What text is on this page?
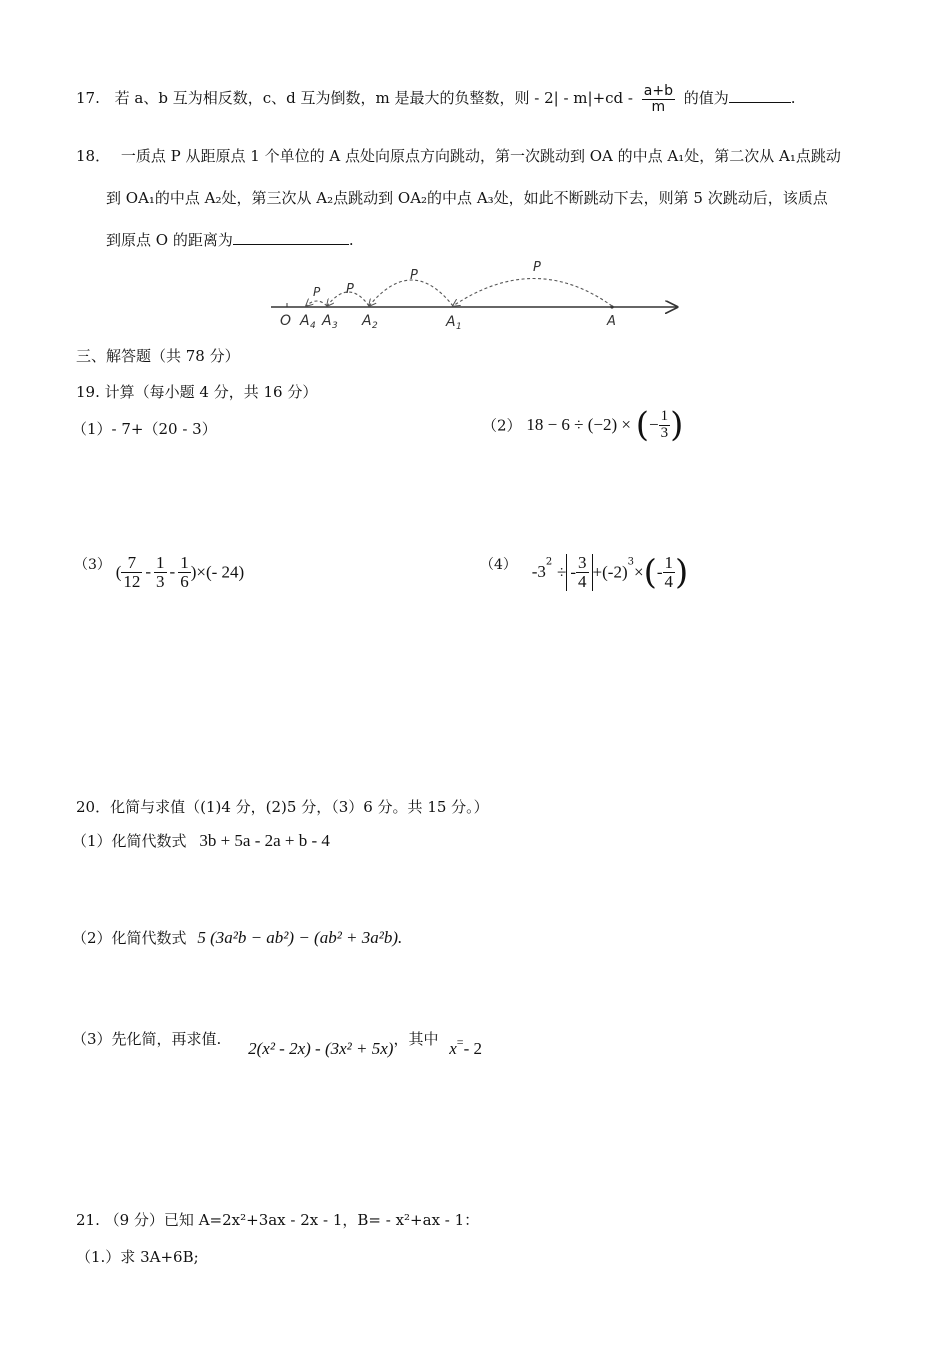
17. 若 a、b 互为相反数，c、d 互为倒数，m 是最大的负整数，则 - $2| - m|+cd - \frac{a+b}{m}$ 的值为	.
18． 一质点 P 从距原点 1 个单位的 A 点处向原点方向跳动，第一次跳动到 OA 的中点 A₁处，第二次从 A₁点跳动
到 OA₁的中点 A₂处，第三次从 A₂点跳动到 OA₂的中点 A₃处，如此不断跳动下去，则第 5 次跳动后，该质点
到原点 O 的距离为	.
P
P
P
P
O A 4 A 3 A 2	A 1	A
三、解答题（共 78 分）
19. 计算（每小题 4 分，共 16 分）
（1）- 7+（20 - 3）	（2） 18 − 6 ÷ (−2) × (− $\frac{1}{3}$ )
（3） ( $\frac{7}{12} - \frac{1}{3} - \frac{1}{6}$ )×(- 24)	（4） $-3^2$ ÷ - $\frac{3}{4} +(-2)^3\times(- \frac{1}{4}$ )
20．化简与求值（(1)4 分，(2)5 分，（3）6 分。共 15 分。）
（1）化简代数式 3b + 5a - 2a + b - 4
（2）化简代数式 5 (3a²b − ab²) − (ab² + 3a²b).
（3）先化简，再求值. 2(x² - 2x) - (3x² + 5x)，其中 x=- 2
21. （9 分）已知 A=2x²+3ax - 2x - 1，B= - x²+ax - 1：
（1.）求 3A+6B;
